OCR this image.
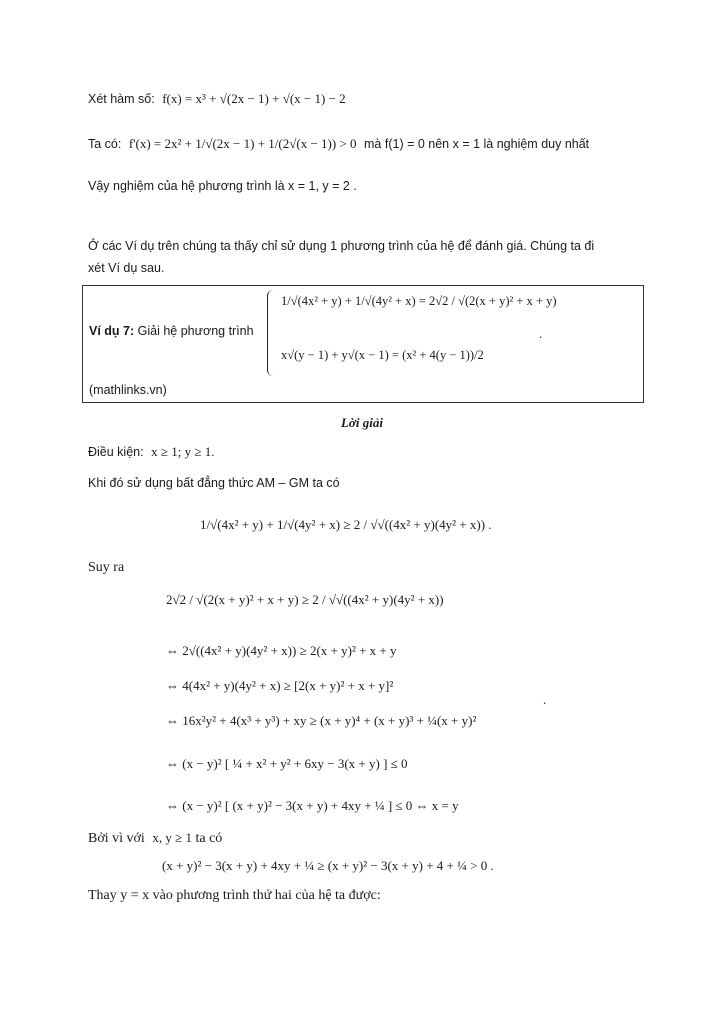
Xét hàm số: f(x) = x³ + √(2x − 1) + √(x − 1) − 2
Ta có: f'(x) = 2x² + 1/√(2x − 1) + 1/(2√(x − 1)) > 0 mà f(1) = 0 nên x = 1 là nghiệm duy nhất
Vậy nghiệm của hệ phương trình là x = 1, y = 2 .
Ở các Ví dụ trên chúng ta thấy chỉ sử dụng 1 phương trình của hệ để đánh giá. Chúng ta đi
xét Ví dụ sau.
Ví dụ 7: Giải hệ phương trình
1/√(4x² + y) + 1/√(4y² + x) = 2√2 / √(2(x + y)² + x + y)
x√(y − 1) + y√(x − 1) = (x² + 4(y − 1))/2
.
(mathlinks.vn)
Lời giải
Điều kiện: x ≥ 1; y ≥ 1.
Khi đó sử dụng bất đẳng thức AM – GM ta có
1/√(4x² + y) + 1/√(4y² + x) ≥ 2 / √√((4x² + y)(4y² + x)) .
Suy ra
2√2 / √(2(x + y)² + x + y) ≥ 2 / √√((4x² + y)(4y² + x))
⇔ 2√((4x² + y)(4y² + x)) ≥ 2(x + y)² + x + y
⇔ 4(4x² + y)(4y² + x) ≥ [2(x + y)² + x + y]²
.
⇔ 16x²y² + 4(x³ + y³) + xy ≥ (x + y)⁴ + (x + y)³ + ¼(x + y)²
⇔ (x − y)² [ ¼ + x² + y² + 6xy − 3(x + y) ] ≤ 0
⇔ (x − y)² [ (x + y)² − 3(x + y) + 4xy + ¼ ] ≤ 0 ⇔ x = y
Bởi vì với x, y ≥ 1 ta có
(x + y)² − 3(x + y) + 4xy + ¼ ≥ (x + y)² − 3(x + y) + 4 + ¼ > 0 .
Thay y = x vào phương trình thứ hai của hệ ta được:
